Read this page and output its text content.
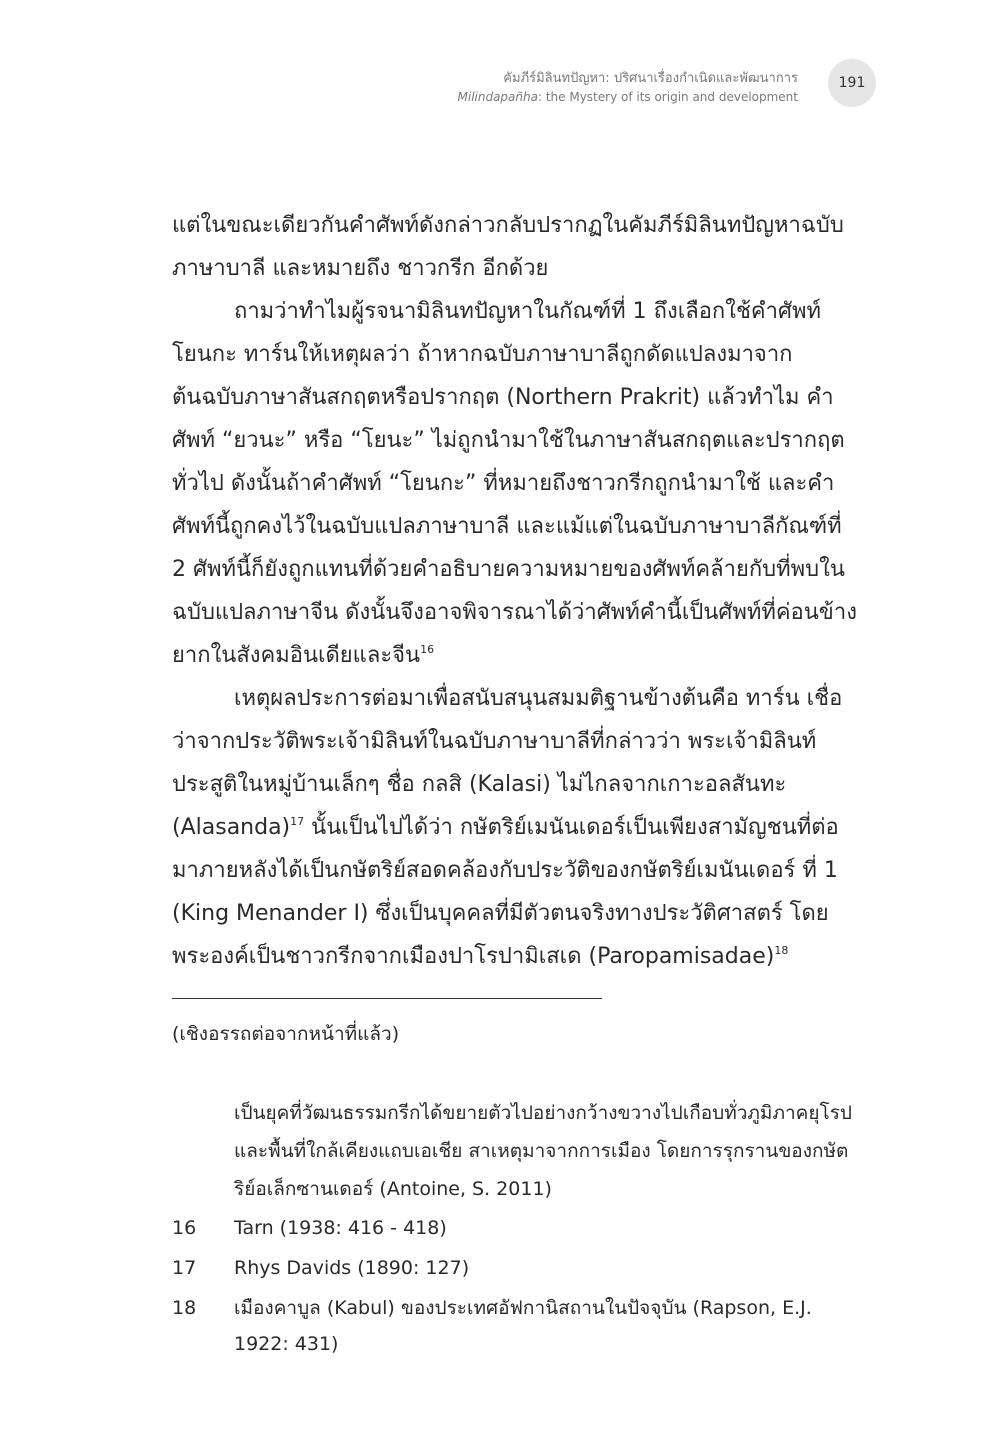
คัมภีร์มิลินทปัญหา: ปริศนาเรื่องกำเนิดและพัฒนาการ
Milindapañha: the Mystery of its origin and development
191

แต่ในขณะเดียวกันคำศัพท์ดังกล่าวกลับปรากฏในคัมภีร์มิลินทปัญหาฉบับภาษาบาลี และหมายถึง ชาวกรีก อีกด้วย

ถามว่าทำไมผู้รจนามิลินทปัญหาในกัณฑ์ที่ 1 ถึงเลือกใช้คำศัพท์ โยนกะ ทาร์นให้เหตุผลว่า ถ้าหากฉบับภาษาบาลีถูกดัดแปลงมาจากต้นฉบับภาษาสันสกฤตหรือปรากฤต (Northern Prakrit) แล้วทำไม คำศัพท์ “ยวนะ” หรือ “โยนะ” ไม่ถูกนำมาใช้ในภาษาสันสกฤตและปรากฤตทั่วไป ดังนั้นถ้าคำศัพท์ “โยนกะ” ที่หมายถึงชาวกรีกถูกนำมาใช้ และคำศัพท์นี้ถูกคงไว้ในฉบับแปลภาษาบาลี และแม้แต่ในฉบับภาษาบาลีกัณฑ์ที่ 2 ศัพท์นี้ก็ยังถูกแทนที่ด้วยคำอธิบายความหมายของศัพท์คล้ายกับที่พบในฉบับแปลภาษาจีน ดังนั้นจึงอาจพิจารณาได้ว่าศัพท์คำนี้เป็นศัพท์ที่ค่อนข้างยากในสังคมอินเดียและจีน$^{16}$

เหตุผลประการต่อมาเพื่อสนับสนุนสมมติฐานข้างต้นคือ ทาร์น เชื่อว่าจากประวัติพระเจ้ามิลินท์ในฉบับภาษาบาลีที่กล่าวว่า พระเจ้ามิลินท์ประสูติในหมู่บ้านเล็กๆ ชื่อ กลสิ (Kalasi) ไม่ไกลจากเกาะอลสันทะ (Alasanda)$^{17}$ นั้นเป็นไปได้ว่า กษัตริย์เมนันเดอร์เป็นเพียงสามัญชนที่ต่อมาภายหลังได้เป็นกษัตริย์สอดคล้องกับประวัติของกษัตริย์เมนันเดอร์ ที่ 1 (King Menander I) ซึ่งเป็นบุคคลที่มีตัวตนจริงทางประวัติศาสตร์ โดยพระองค์เป็นชาวกรีกจากเมืองปาโรปามิเสเด (Paropamisadae)$^{18}$

(เชิงอรรถต่อจากหน้าที่แล้ว)
เป็นยุคที่วัฒนธรรมกรีกได้ขยายตัวไปอย่างกว้างขวางไปเกือบทั่วภูมิภาคยุโรปและพื้นที่ใกล้เคียงแถบเอเชีย สาเหตุมาจากการเมือง โดยการรุกรานของกษัตริย์อเล็กซานเดอร์ (Antoine, S. 2011)
16 Tarn (1938: 416 - 418)
17 Rhys Davids (1890: 127)
18 เมืองคาบูล (Kabul) ของประเทศอัฟกานิสถานในปัจจุบัน (Rapson, E.J. 1922: 431)
